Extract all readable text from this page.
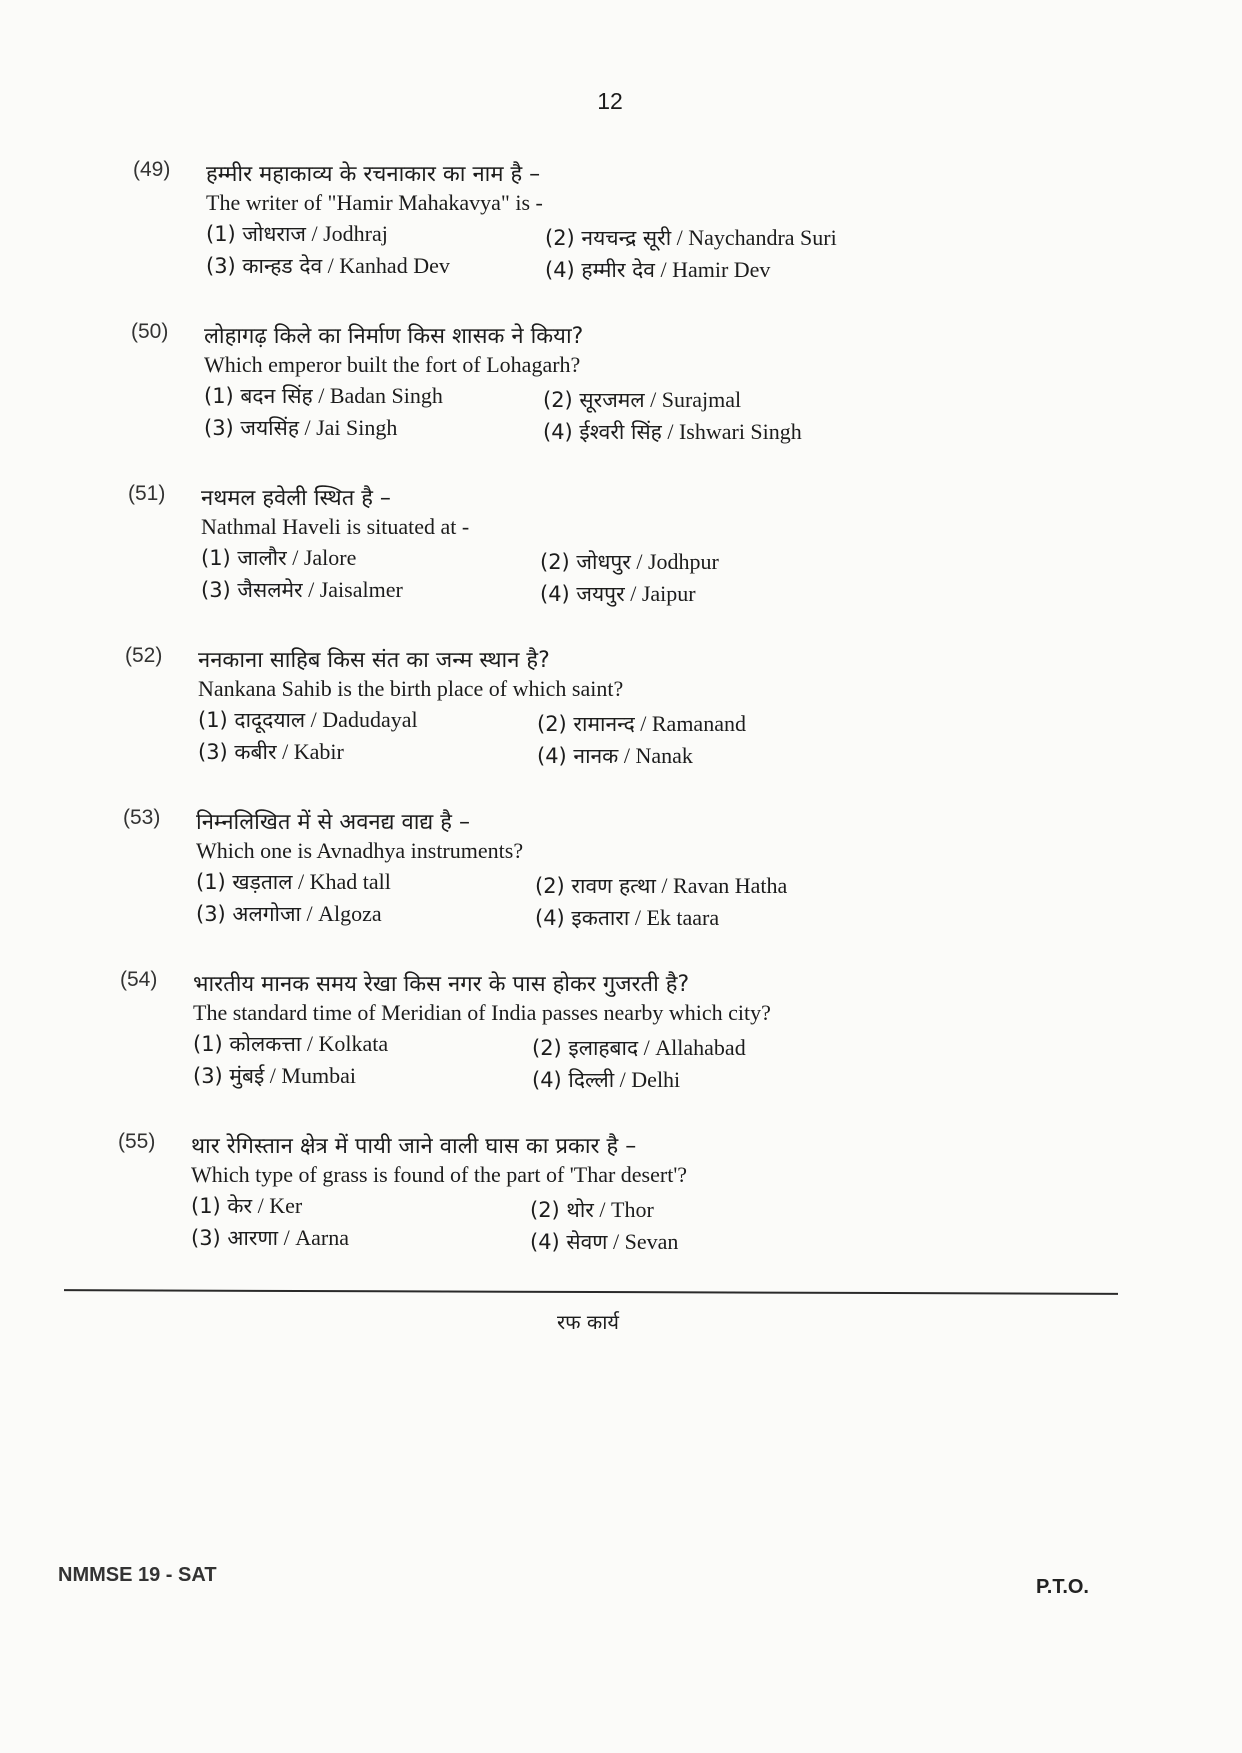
12
(49) हम्मीर महाकाव्य के रचनाकार का नाम है –
The writer of "Hamir Mahakavya" is -
(1) जोधराज / Jodhraj	(2) नयचन्द्र सूरी / Naychandra Suri
(3) कान्हड देव / Kanhad Dev	(4) हम्मीर देव / Hamir Dev
(50) लोहागढ़ किले का निर्माण किस शासक ने किया?
Which emperor built the fort of Lohagarh?
(1) बदन सिंह / Badan Singh	(2) सूरजमल / Surajmal
(3) जयसिंह / Jai Singh	(4) ईश्वरी सिंह / Ishwari Singh
(51) नथमल हवेली स्थित है –
Nathmal Haveli is situated at -
(1) जालौर / Jalore	(2) जोधपुर / Jodhpur
(3) जैसलमेर / Jaisalmer	(4) जयपुर / Jaipur
(52) ननकाना साहिब किस संत का जन्म स्थान है?
Nankana Sahib is the birth place of which saint?
(1) दादूदयाल / Dadudayal	(2) रामानन्द / Ramanand
(3) कबीर / Kabir	(4) नानक / Nanak
(53) निम्नलिखित में से अवनद्य वाद्य है –
Which one is Avnadhya instruments?
(1) खड़ताल / Khad tall	(2) रावण हत्था / Ravan Hatha
(3) अलगोजा / Algoza	(4) इकतारा / Ek taara
(54) भारतीय मानक समय रेखा किस नगर के पास होकर गुजरती है?
The standard time of Meridian of India passes nearby which city?
(1) कोलकत्ता / Kolkata	(2) इलाहबाद / Allahabad
(3) मुंबई / Mumbai	(4) दिल्ली / Delhi
(55) थार रेगिस्तान क्षेत्र में पायी जाने वाली घास का प्रकार है –
Which type of grass is found of the part of 'Thar desert'?
(1) केर / Ker	(2) थोर / Thor
(3) आरणा / Aarna	(4) सेवण / Sevan
रफ कार्य
NMMSE 19 - SAT
P.T.O.
